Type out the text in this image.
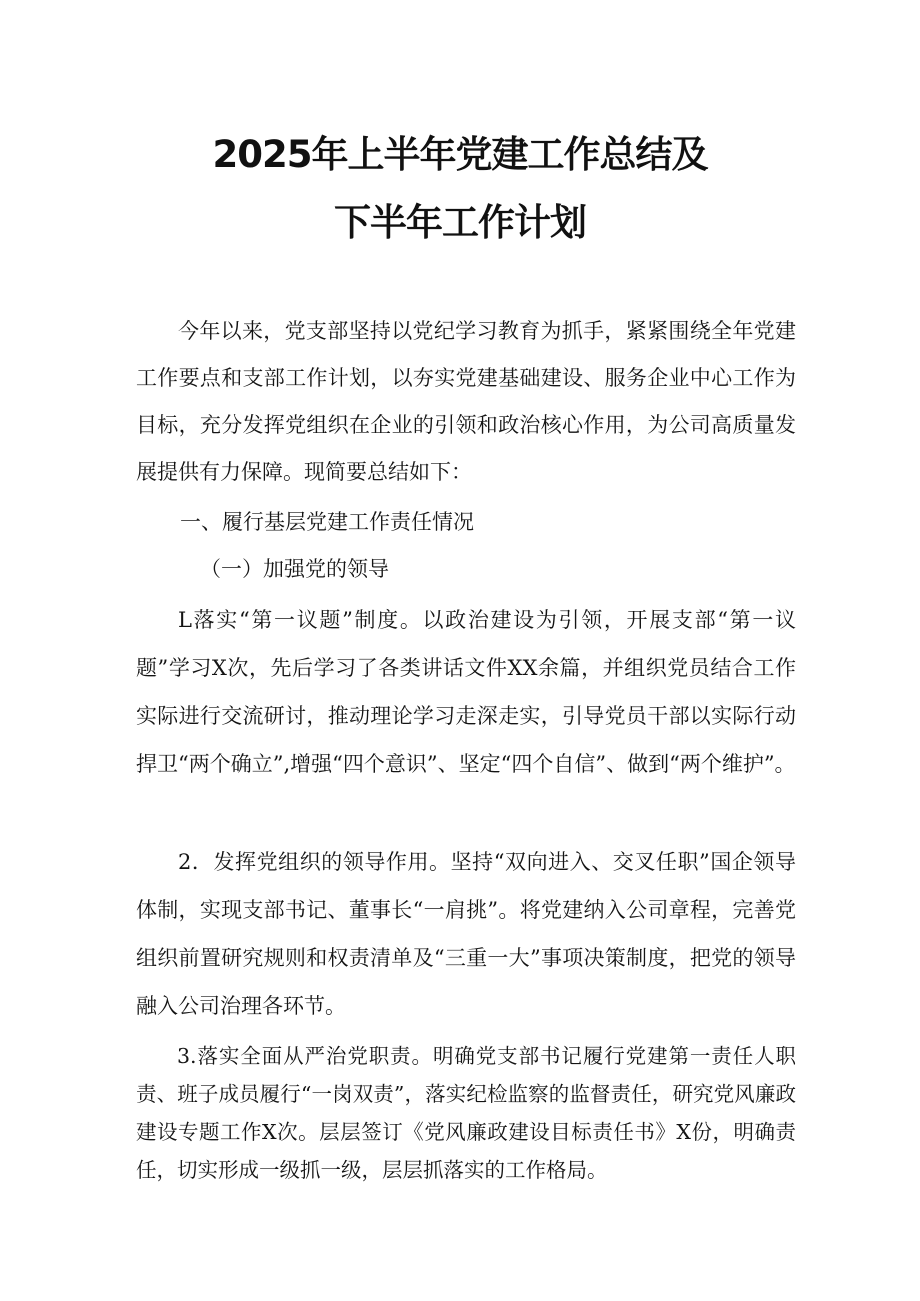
2025年上半年党建工作总结及
下半年工作计划

今年以来，党支部坚持以党纪学习教育为抓手，紧紧围绕全年党建工作要点和支部工作计划，以夯实党建基础建设、服务企业中心工作为目标，充分发挥党组织在企业的引领和政治核心作用，为公司高质量发展提供有力保障。现简要总结如下：

一、履行基层党建工作责任情况

（一）加强党的领导

L落实“第一议题”制度。以政治建设为引领，开展支部“第一议题”学习X次，先后学习了各类讲话文件XX余篇，并组织党员结合工作实际进行交流研讨，推动理论学习走深走实，引导党员干部以实际行动捍卫“两个确立”,增强“四个意识”、坚定“四个自信”、做到“两个维护”。

2．发挥党组织的领导作用。坚持“双向进入、交叉任职”国企领导体制，实现支部书记、董事长“一肩挑”。将党建纳入公司章程，完善党组织前置研究规则和权责清单及“三重一大”事项决策制度，把党的领导融入公司治理各环节。

3.落实全面从严治党职责。明确党支部书记履行党建第一责任人职责、班子成员履行“一岗双责”，落实纪检监察的监督责任，研究党风廉政建设专题工作X次。层层签订《党风廉政建设目标责任书》X份，明确责任，切实形成一级抓一级，层层抓落实的工作格局。
